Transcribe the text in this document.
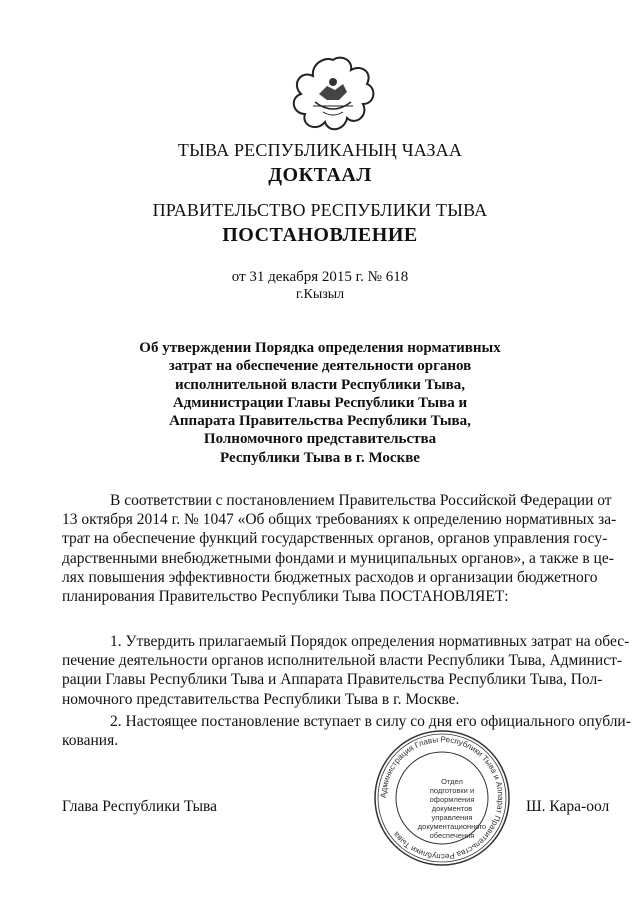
ТЫВА РЕСПУБЛИКАНЫҢ ЧАЗАА
ДОКТААЛ
ПРАВИТЕЛЬСТВО РЕСПУБЛИКИ ТЫВА
ПОСТАНОВЛЕНИЕ
от 31 декабря 2015 г. № 618
г.Кызыл
Об утверждении Порядка определения нормативных
затрат на обеспечение деятельности органов
исполнительной власти Республики Тыва,
Администрации Главы Республики Тыва и
Аппарата Правительства Республики Тыва,
Полномочного представительства
Республики Тыва в г. Москве
В соответствии с постановлением Правительства Российской Федерации от
13 октября 2014 г. № 1047 «Об общих требованиях к определению нормативных за-
трат на обеспечение функций государственных органов, органов управления госу-
дарственными внебюджетными фондами и муниципальных органов», а также в це-
лях повышения эффективности бюджетных расходов и организации бюджетного
планирования Правительство Республики Тыва ПОСТАНОВЛЯЕТ:
1. Утвердить прилагаемый Порядок определения нормативных затрат на обес-
печение деятельности органов исполнительной власти Республики Тыва, Админист-
рации Главы Республики Тыва и Аппарата Правительства Республики Тыва, Пол-
номочного представительства Республики Тыва в г. Москве.
2. Настоящее постановление вступает в силу со дня его официального опубли-
кования.
Администрация Главы Республики Тыва и Аппарат Правительства Республики Тыва
Отдел
подготовки и
оформления документов
управления
документационного
обеспечения
Глава Республики Тыва	Ш. Кара-оол
